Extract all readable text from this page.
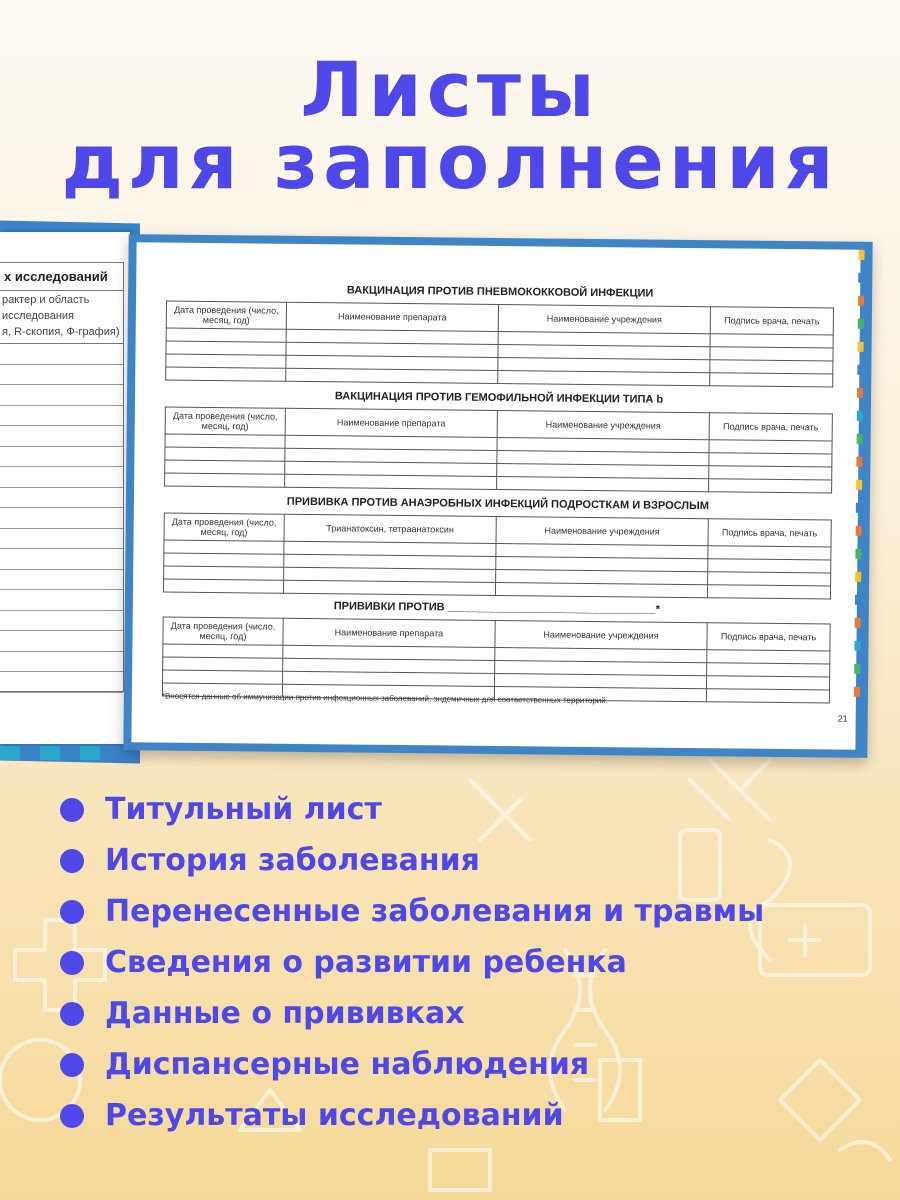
Листы
для заполнения
х исследований
рактер и область
исследования
я, R-скопия, Ф-графия)
ВАКЦИНАЦИЯ ПРОТИВ ПНЕВМОКОККОВОЙ ИНФЕКЦИИ
Дата проведения (число, месяц, год)	Наименование препарата	Наименование учреждения	Подпись врача, печать

ВАКЦИНАЦИЯ ПРОТИВ ГЕМОФИЛЬНОЙ ИНФЕКЦИИ ТИПА b
Дата проведения (число, месяц, год)	Наименование препарата	Наименование учреждения	Подпись врача, печать

ПРИВИВКА ПРОТИВ АНАЭРОБНЫХ ИНФЕКЦИЙ ПОДРОСТКАМ И ВЗРОСЛЫМ
Дата проведения (число, месяц, год)	Трианатоксин, тетраанатоксин	Наименование учреждения	Подпись врача, печать

ПРИВИВКИ ПРОТИВ __________________________________*
Дата проведения (число, месяц, год)	Наименование препарата	Наименование учреждения	Подпись врача, печать

*Вносятся данные об иммунизации против инфекционных заболеваний, эндемичных для соответственных территорий.
21
Титульный лист
История заболевания
Перенесенные заболевания и травмы
Сведения о развитии ребенка
Данные о прививках
Диспансерные наблюдения
Результаты исследований
